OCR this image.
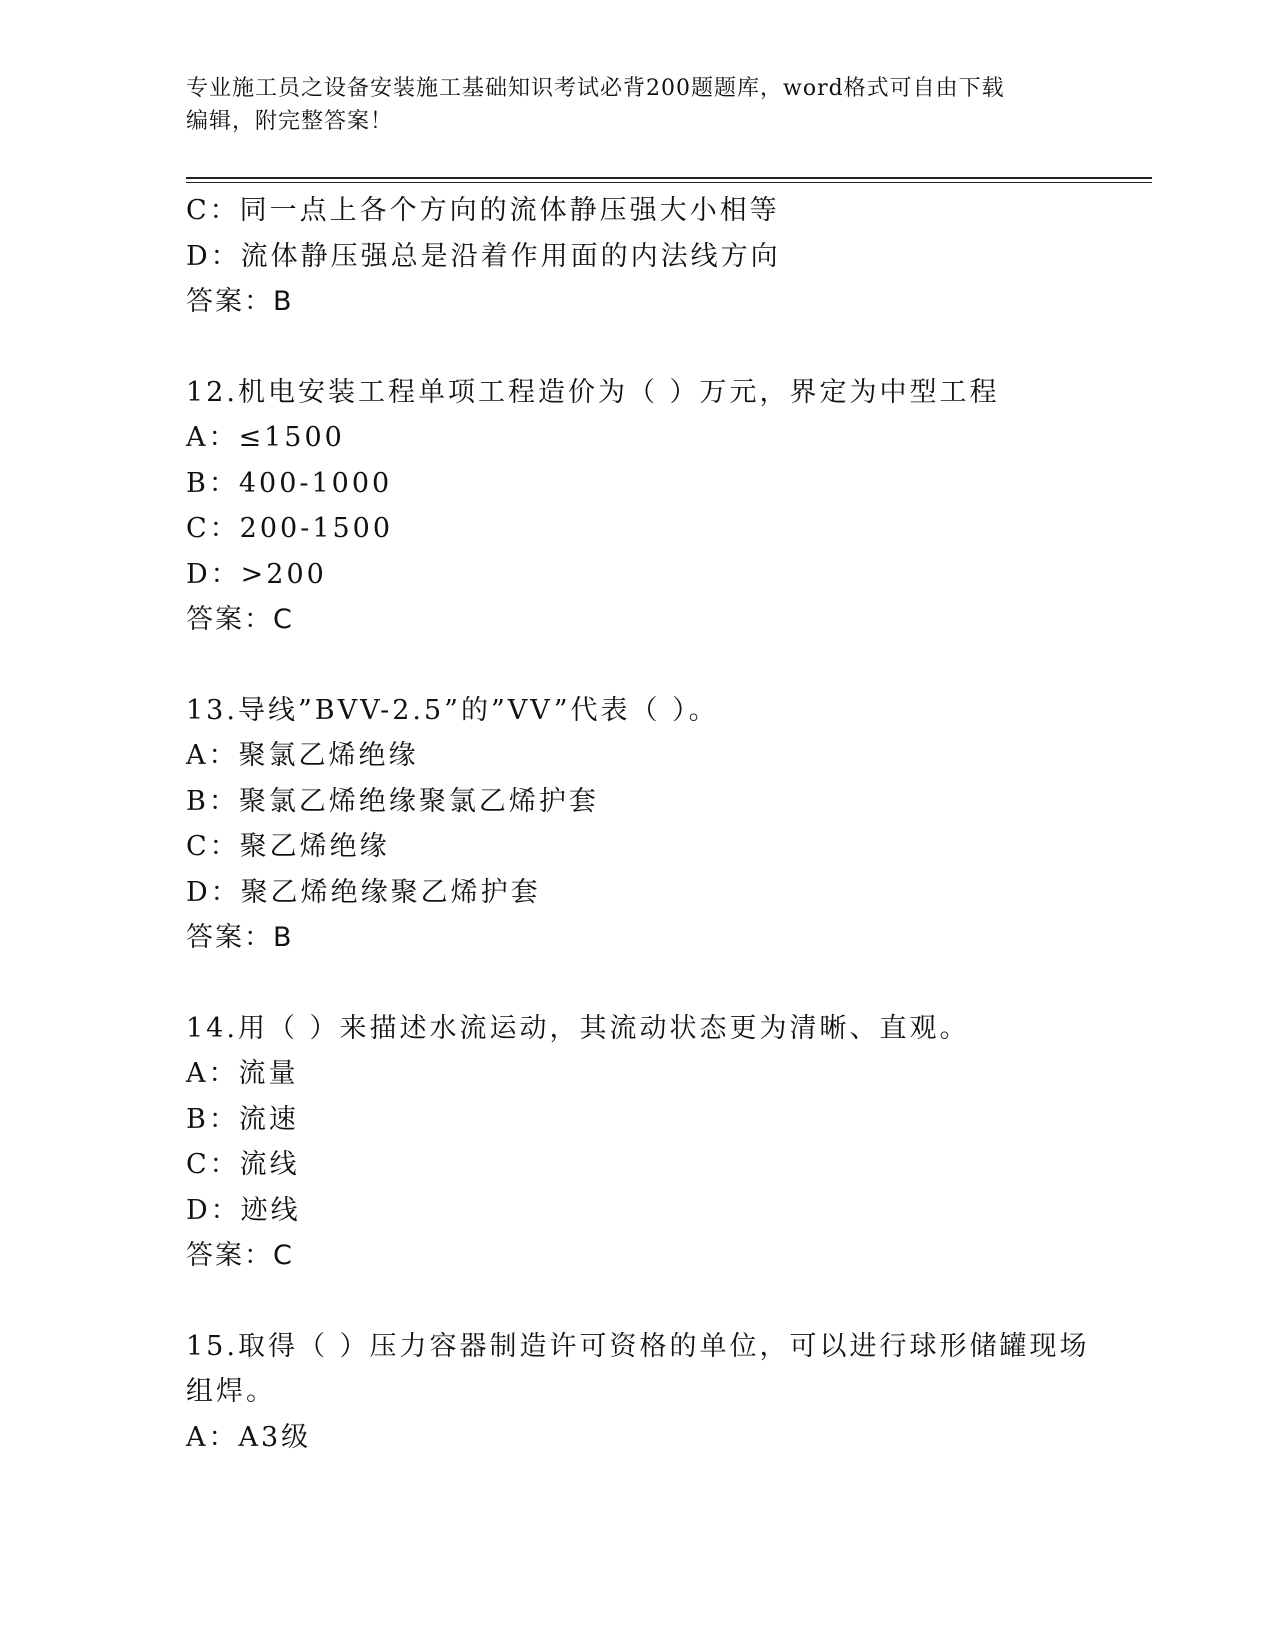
专业施工员之设备安装施工基础知识考试必背200题题库，word格式可自由下载
编辑，附完整答案！
C：同一点上各个方向的流体静压强大小相等
D：流体静压强总是沿着作用面的内法线方向
答案：B
12.机电安装工程单项工程造价为（ ）万元，界定为中型工程
A：≤1500
B：400-1000
C：200-1500
D：>200
答案：C
13.导线”BVV-2.5”的”VV”代表（ ）。
A：聚氯乙烯绝缘
B：聚氯乙烯绝缘聚氯乙烯护套
C：聚乙烯绝缘
D：聚乙烯绝缘聚乙烯护套
答案：B
14.用（ ）来描述水流运动，其流动状态更为清晰、直观。
A：流量
B：流速
C：流线
D：迹线
答案：C
15.取得（ ）压力容器制造许可资格的单位，可以进行球形储罐现场
组焊。
A：A3级
